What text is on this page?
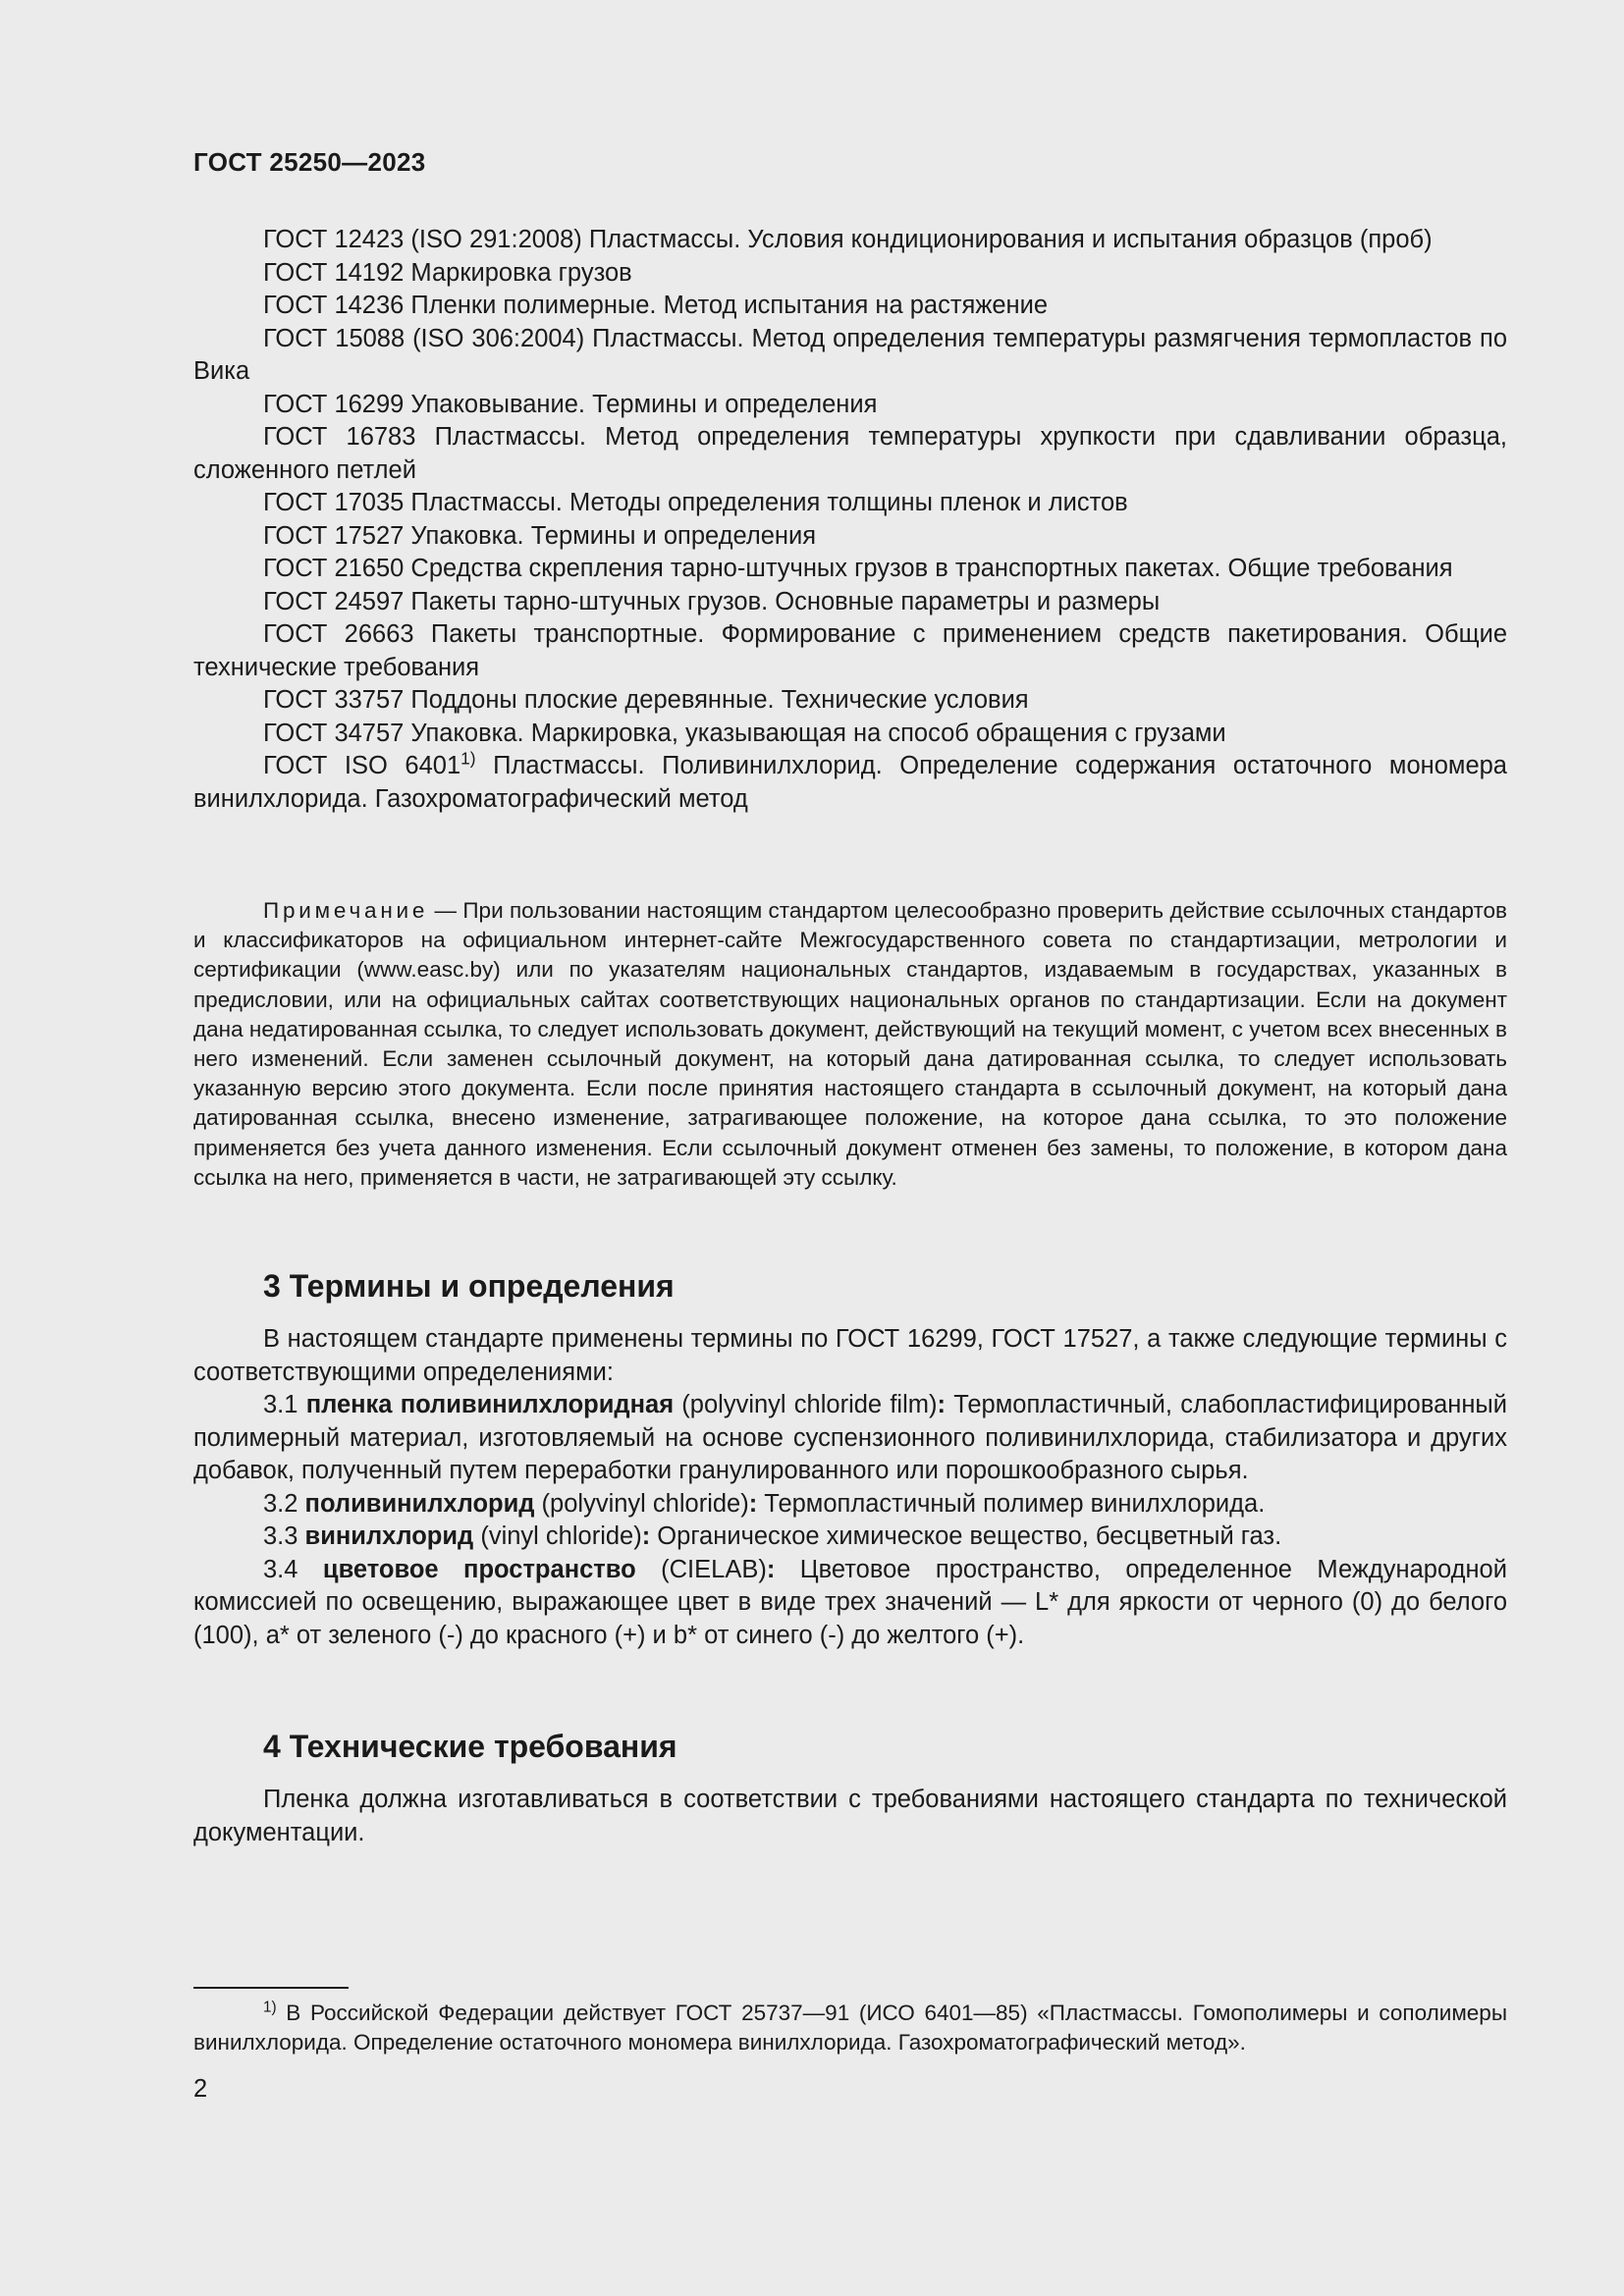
ГОСТ 25250—2023

ГОСТ 12423 (ISO 291:2008) Пластмассы. Условия кондиционирования и испытания образцов (проб)

ГОСТ 14192 Маркировка грузов

ГОСТ 14236 Пленки полимерные. Метод испытания на растяжение

ГОСТ 15088 (ISO 306:2004) Пластмассы. Метод определения температуры размягчения термопластов по Вика

ГОСТ 16299 Упаковывание. Термины и определения

ГОСТ 16783 Пластмассы. Метод определения температуры хрупкости при сдавливании образца, сложенного петлей

ГОСТ 17035 Пластмассы. Методы определения толщины пленок и листов

ГОСТ 17527 Упаковка. Термины и определения

ГОСТ 21650 Средства скрепления тарно-штучных грузов в транспортных пакетах. Общие требования

ГОСТ 24597 Пакеты тарно-штучных грузов. Основные параметры и размеры

ГОСТ 26663 Пакеты транспортные. Формирование с применением средств пакетирования. Общие технические требования

ГОСТ 33757 Поддоны плоские деревянные. Технические условия

ГОСТ 34757 Упаковка. Маркировка, указывающая на способ обращения с грузами

ГОСТ ISO 6401$^{1)}$ Пластмассы. Поливинилхлорид. Определение содержания остаточного мономера винилхлорида. Газохроматографический метод

Примечание — При пользовании настоящим стандартом целесообразно проверить действие ссылочных стандартов и классификаторов на официальном интернет-сайте Межгосударственного совета по стандартизации, метрологии и сертификации (www.easc.by) или по указателям национальных стандартов, издаваемым в государствах, указанных в предисловии, или на официальных сайтах соответствующих национальных органов по стандартизации. Если на документ дана недатированная ссылка, то следует использовать документ, действующий на текущий момент, с учетом всех внесенных в него изменений. Если заменен ссылочный документ, на который дана датированная ссылка, то следует использовать указанную версию этого документа. Если после принятия настоящего стандарта в ссылочный документ, на который дана датированная ссылка, внесено изменение, затрагивающее положение, на которое дана ссылка, то это положение применяется без учета данного изменения. Если ссылочный документ отменен без замены, то положение, в котором дана ссылка на него, применяется в части, не затрагивающей эту ссылку.

3 Термины и определения

В настоящем стандарте применены термины по ГОСТ 16299, ГОСТ 17527, а также следующие термины с соответствующими определениями:

3.1 пленка поливинилхлоридная (polyvinyl chloride film): Термопластичный, слабопластифицированный полимерный материал, изготовляемый на основе суспензионного поливинилхлорида, стабилизатора и других добавок, полученный путем переработки гранулированного или порошкообразного сырья.

3.2 поливинилхлорид (polyvinyl chloride): Термопластичный полимер винилхлорида.

3.3 винилхлорид (vinyl chloride): Органическое химическое вещество, бесцветный газ.

3.4 цветовое пространство (CIELAB): Цветовое пространство, определенное Международной комиссией по освещению, выражающее цвет в виде трех значений — L* для яркости от черного (0) до белого (100), a* от зеленого (-) до красного (+) и b* от синего (-) до желтого (+).

4 Технические требования

Пленка должна изготавливаться в соответствии с требованиями настоящего стандарта по технической документации.

$^{1)}$ В Российской Федерации действует ГОСТ 25737—91 (ИСО 6401—85) «Пластмассы. Гомополимеры и сополимеры винилхлорида. Определение остаточного мономера винилхлорида. Газохроматографический метод».

2
